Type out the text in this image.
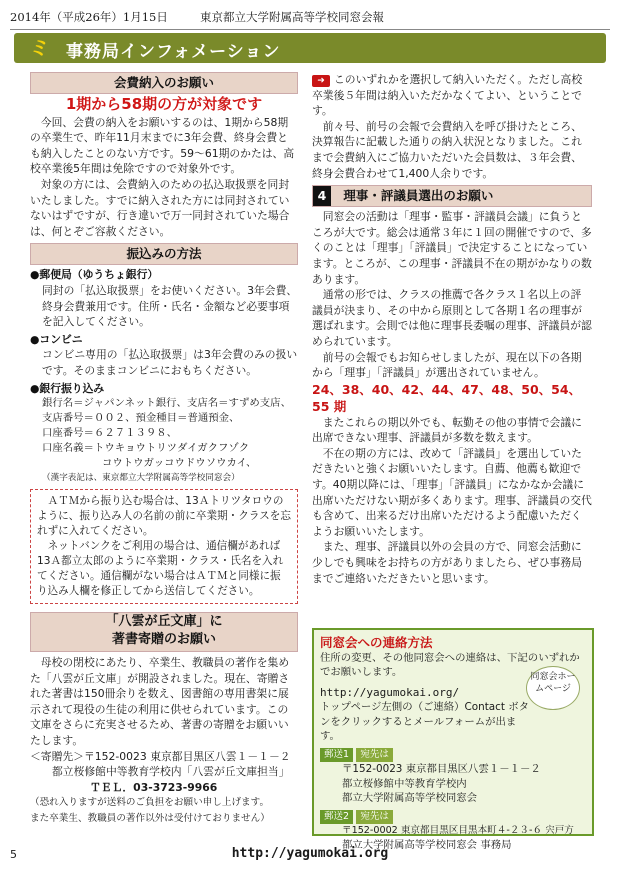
2014年（平成26年）1月15日	東京都立大学附属高等学校同窓会報
ミ	事務局インフォメーション
会費納入のお願い
1期から58期の方が対象です

今回、会費の納入をお願いするのは、1期から58期の卒業生で、昨年11月末までに3年会費、終身会費とも納入したことのない方です。59～61期のかたは、高校卒業後5年間は免除ですので対象外です。

対象の方には、会費納入のための払込取扱票を同封いたしました。すでに納入された方には同封されていないはずですが、行き違いで万一同封されていた場合は、何とぞご容赦ください。

振込みの方法
●郵便局（ゆうちょ銀行）

同封の「払込取扱票」をお使いください。3年会費、終身会費兼用です。住所・氏名・金額など必要事項を記入してください。

●コンビニ

コンビニ専用の「払込取扱票」は3年会費のみの扱いです。そのままコンビニにおもちください。

●銀行振り込み
銀行名＝ジャパンネット銀行、支店名＝すずめ支店、
支店番号＝００２、預金種目＝普通預金、
口座番号＝６２７１３９８、
口座名義＝トウキョウトリツダイガクフゾク
コウトウガッコウドウソウカイ、
（漢字表記は、東京都立大学附属高等学校同窓会）

ＡＴＭから振り込む場合は、13Ａトリツタロウのように、振り込み人の名前の前に卒業期・クラスを忘れずに入れてください。

ネットバンクをご利用の場合は、通信欄があれば13Ａ都立太郎のように卒業期・クラス・氏名を入れてください。通信欄がない場合はＡＴＭと同様に振り込み人欄を修正してから送信してください。

「八雲が丘文庫」に
著書寄贈のお願い

母校の閉校にあたり、卒業生、教職員の著作を集めた「八雲が丘文庫」が開設されました。現在、寄贈された著書は150冊余りを数え、図書館の専用書架に展示されて現役の生徒の利用に供せられています。この文庫をさらに充実させるため、著書の寄贈をお願いいたします。

＜寄贈先＞〒152-0023 東京都目黒区八雲１－１－２
都立桜修館中等教育学校内「八雲が丘文庫担当」
ＴＥＬ．03-3723-9966
（恐れ入りますが送料のご負担をお願い申し上げます。
また卒業生、教職員の著作以外は受付けておりません）

➜ このいずれかを選択して納入いただく。ただし高校卒業後５年間は納入いただかなくてよい、ということです。

前々号、前号の会報で会費納入を呼び掛けたところ、決算報告に記載した通りの納入状況となりました。これまで会費納入にご協力いただいた会員数は、３年会費、終身会費合わせて1,400人余りです。

4 理事・評議員選出のお願い

同窓会の活動は「理事・監事・評議員会議」に負うところが大です。総会は通常３年に１回の開催ですので、多くのことは「理事」「評議員」で決定することになっています。ところが、この理事・評議員不在の期がかなりの数あります。

通常の形では、クラスの推薦で各クラス１名以上の評議員が決まり、その中から原則として各期１名の理事が選ばれます。会則では他に理事長委嘱の理事、評議員が認められています。

前号の会報でもお知らせしましたが、現在以下の各期から「理事」「評議員」が選出されていません。

24、38、40、42、44、47、48、50、54、55 期

またこれらの期以外でも、転勤その他の事情で会議に出席できない理事、評議員が多数を数えます。

不在の期の方には、改めて「評議員」を選出していただきたいと強くお願いいたします。自薦、他薦も歓迎です。40期以降には、「理事」「評議員」になかなか会議に出席いただけない期が多くあります。理事、評議員の交代も含めて、出来るだけ出席いただけるよう配慮いただくようお願いいたします。

また、理事、評議員以外の会員の方で、同窓会活動に少しでも興味をお持ちの方がありましたら、ぜひ事務局までご連絡いただきたいと思います。

同窓会への連絡方法
住所の変更、その他同窓会への連絡は、下記のいずれかでお願いします。	同窓会ホームページ
http://yagumokai.org/
トップページ左側の（ご連絡）Contact ボタンをクリックするとメールフォームが出ます。
郵送1 宛先は
〒152-0023 東京都目黒区八雲１－１－２
都立桜修館中等教育学校内
都立大学附属高等学校同窓会
郵送2 宛先は
〒152-0002 東京都目黒区目黒本町４-２３-６ 宍戸方
都立大学附属高等学校同窓会 事務局
5	http://yagumokai.org
